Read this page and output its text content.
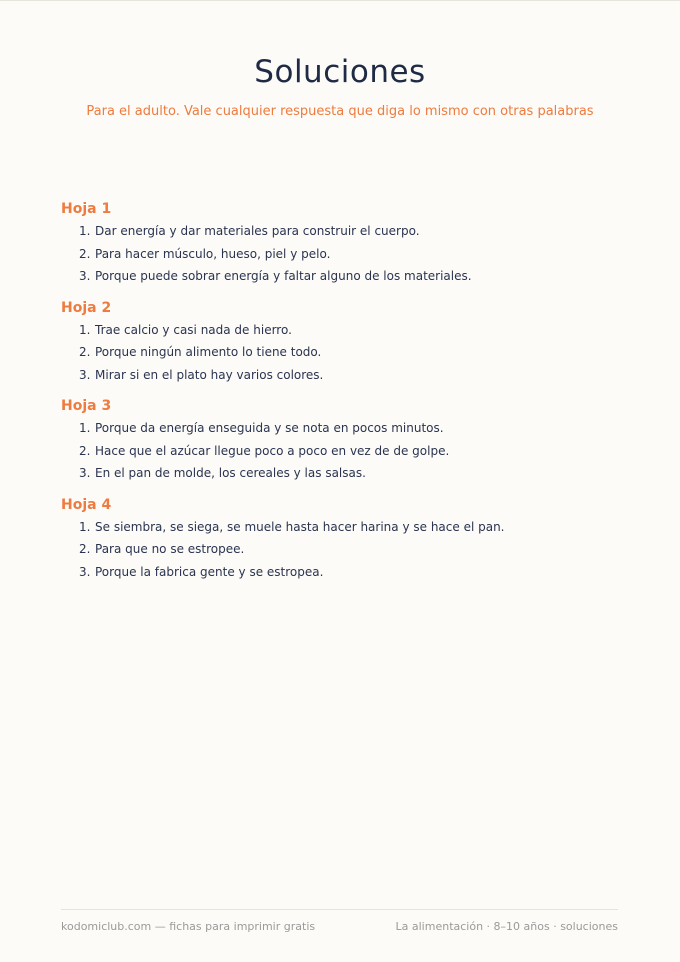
Soluciones

Para el adulto. Vale cualquier respuesta que diga lo mismo con otras palabras

Hoja 1
1. Dar energía y dar materiales para construir el cuerpo.
2. Para hacer músculo, hueso, piel y pelo.
3. Porque puede sobrar energía y faltar alguno de los materiales.
Hoja 2
1. Trae calcio y casi nada de hierro.
2. Porque ningún alimento lo tiene todo.
3. Mirar si en el plato hay varios colores.
Hoja 3
1. Porque da energía enseguida y se nota en pocos minutos.
2. Hace que el azúcar llegue poco a poco en vez de de golpe.
3. En el pan de molde, los cereales y las salsas.
Hoja 4
1. Se siembra, se siega, se muele hasta hacer harina y se hace el pan.
2. Para que no se estropee.
3. Porque la fabrica gente y se estropea.
kodomiclub.com — fichas para imprimir gratis	La alimentación · 8–10 años · soluciones
